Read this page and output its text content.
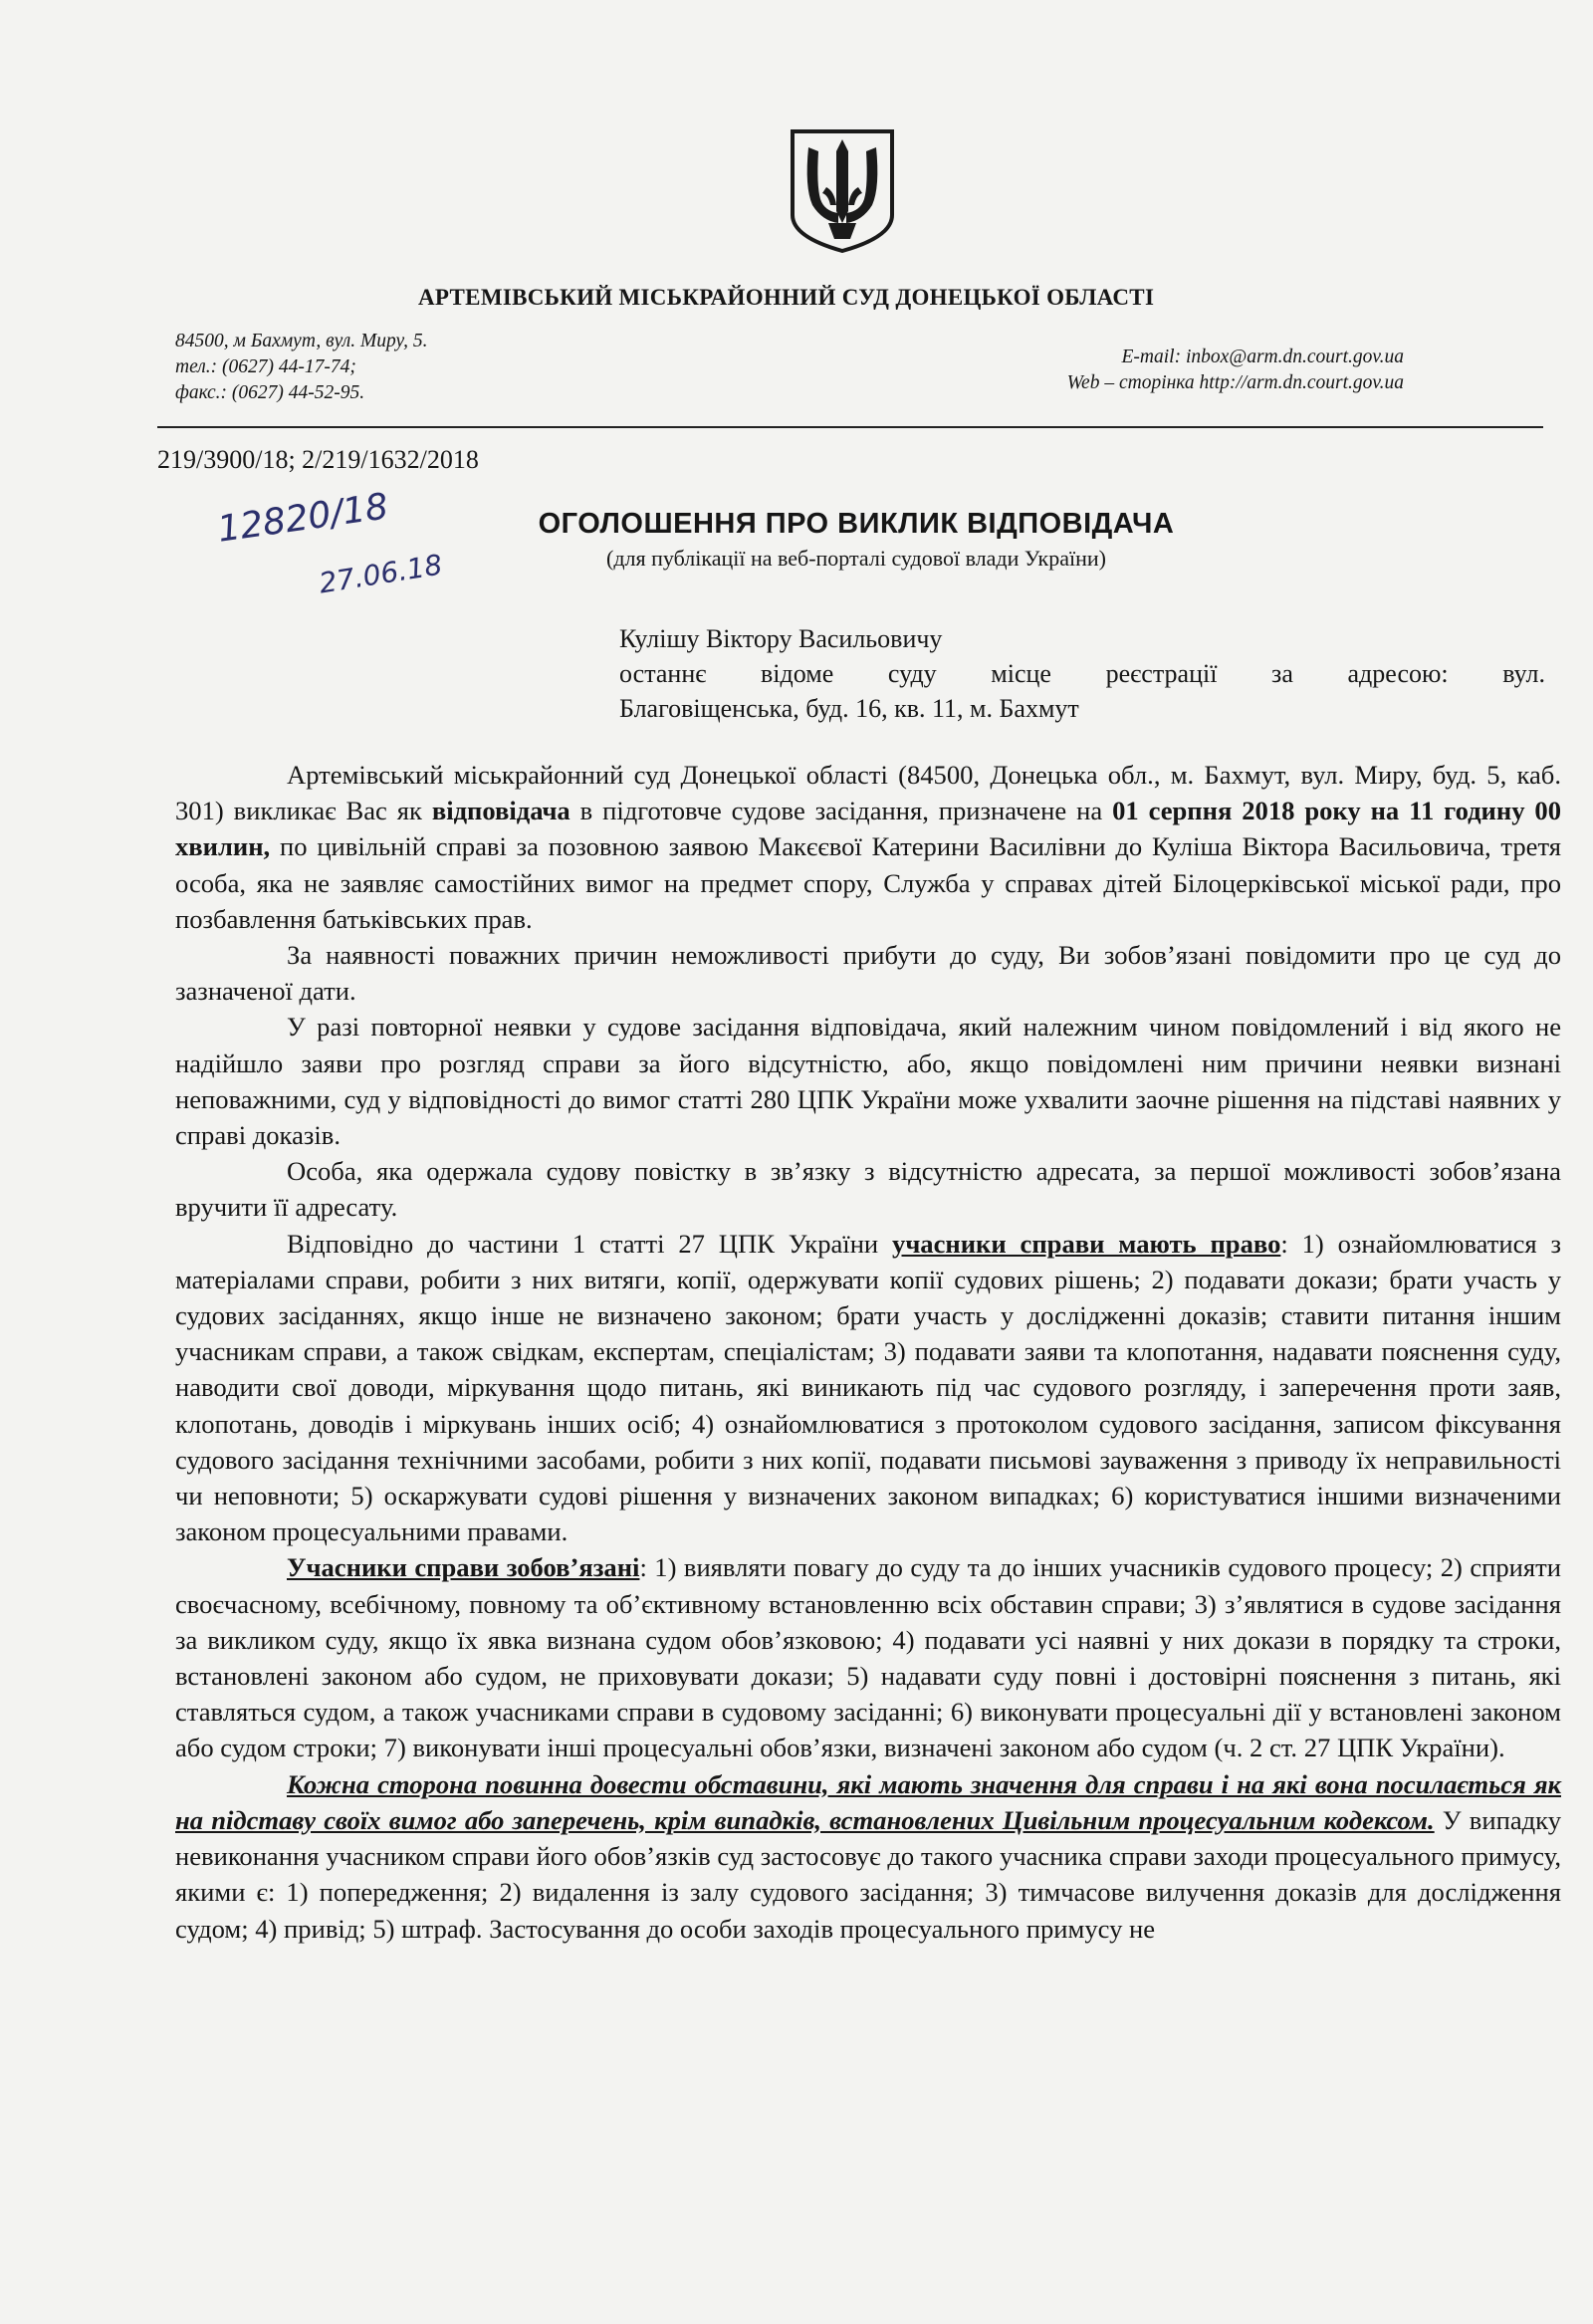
АРТЕМІВСЬКИЙ МІСЬКРАЙОННИЙ СУД ДОНЕЦЬКОЇ ОБЛАСТІ
84500, м Бахмут, вул. Миру, 5.
тел.: (0627) 44-17-74;
факс.: (0627) 44-52-95.
E-mail: inbox@arm.dn.court.gov.ua
Web – сторінка http://arm.dn.court.gov.ua
219/3900/18; 2/219/1632/2018
12820/18
27.06.18
ОГОЛОШЕННЯ ПРО ВИКЛИК ВІДПОВІДАЧА
(для публікації на веб-порталі судової влади України)
Кулішу Віктору Васильовичу
останнє відоме суду місце реєстрації за адресою: вул.
Благовіщенська, буд. 16, кв. 11, м. Бахмут

Артемівський міськрайонний суд Донецької області (84500, Донецька обл., м. Бахмут, вул. Миру, буд. 5, каб. 301) викликає Вас як відповідача в підготовче судове засідання, призначене на 01 серпня 2018 року на 11 годину 00 хвилин, по цивільній справі за позовною заявою Макєєвої Катерини Василівни до Куліша Віктора Васильовича, третя особа, яка не заявляє самостійних вимог на предмет спору, Служба у справах дітей Білоцерківської міської ради, про позбавлення батьківських прав.

За наявності поважних причин неможливості прибути до суду, Ви зобов’язані повідомити про це суд до зазначеної дати.

У разі повторної неявки у судове засідання відповідача, який належним чином повідомлений і від якого не надійшло заяви про розгляд справи за його відсутністю, або, якщо повідомлені ним причини неявки визнані неповажними, суд у відповідності до вимог статті 280 ЦПК України може ухвалити заочне рішення на підставі наявних у справі доказів.

Особа, яка одержала судову повістку в зв’язку з відсутністю адресата, за першої можливості зобов’язана вручити її адресату.

Відповідно до частини 1 статті 27 ЦПК України учасники справи мають право: 1) ознайомлюватися з матеріалами справи, робити з них витяги, копії, одержувати копії судових рішень; 2) подавати докази; брати участь у судових засіданнях, якщо інше не визначено законом; брати участь у дослідженні доказів; ставити питання іншим учасникам справи, а також свідкам, експертам, спеціалістам; 3) подавати заяви та клопотання, надавати пояснення суду, наводити свої доводи, міркування щодо питань, які виникають під час судового розгляду, і заперечення проти заяв, клопотань, доводів і міркувань інших осіб; 4) ознайомлюватися з протоколом судового засідання, записом фіксування судового засідання технічними засобами, робити з них копії, подавати письмові зауваження з приводу їх неправильності чи неповноти; 5) оскаржувати судові рішення у визначених законом випадках; 6) користуватися іншими визначеними законом процесуальними правами.

Учасники справи зобов’язані: 1) виявляти повагу до суду та до інших учасників судового процесу; 2) сприяти своєчасному, всебічному, повному та об’єктивному встановленню всіх обставин справи; 3) з’являтися в судове засідання за викликом суду, якщо їх явка визнана судом обов’язковою; 4) подавати усі наявні у них докази в порядку та строки, встановлені законом або судом, не приховувати докази; 5) надавати суду повні і достовірні пояснення з питань, які ставляться судом, а також учасниками справи в судовому засіданні; 6) виконувати процесуальні дії у встановлені законом або судом строки; 7) виконувати інші процесуальні обов’язки, визначені законом або судом (ч. 2 ст. 27 ЦПК України).

Кожна сторона повинна довести обставини, які мають значення для справи і на які вона посилається як на підставу своїх вимог або заперечень, крім випадків, встановлених Цивільним процесуальним кодексом. У випадку невиконання учасником справи його обов’язків суд застосовує до такого учасника справи заходи процесуального примусу, якими є: 1) попередження; 2) видалення із залу судового засідання; 3) тимчасове вилучення доказів для дослідження судом; 4) привід; 5) штраф. Застосування до особи заходів процесуального примусу не
